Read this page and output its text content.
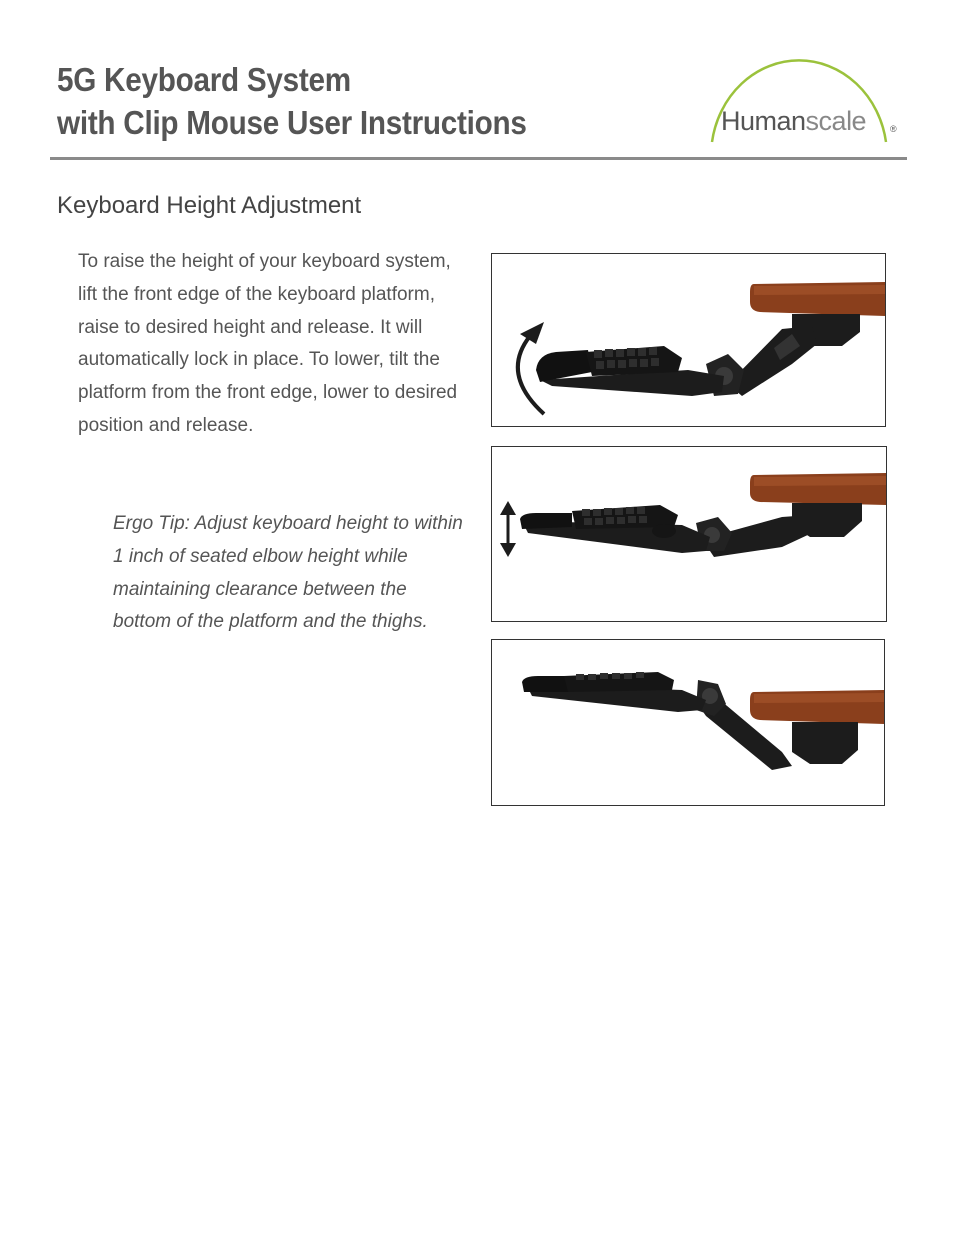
5G Keyboard System
with Clip Mouse User Instructions	Humanscale	®
Keyboard Height Adjustment

To raise the height of your keyboard system, lift the front edge of the keyboard platform, raise to desired height and release. It will automatically lock in place. To lower, tilt the platform from the front edge, lower to desired position and release.

Ergo Tip: Adjust keyboard height to within 1 inch of seated elbow height while maintaining clearance between the bottom of the platform and the thighs.
